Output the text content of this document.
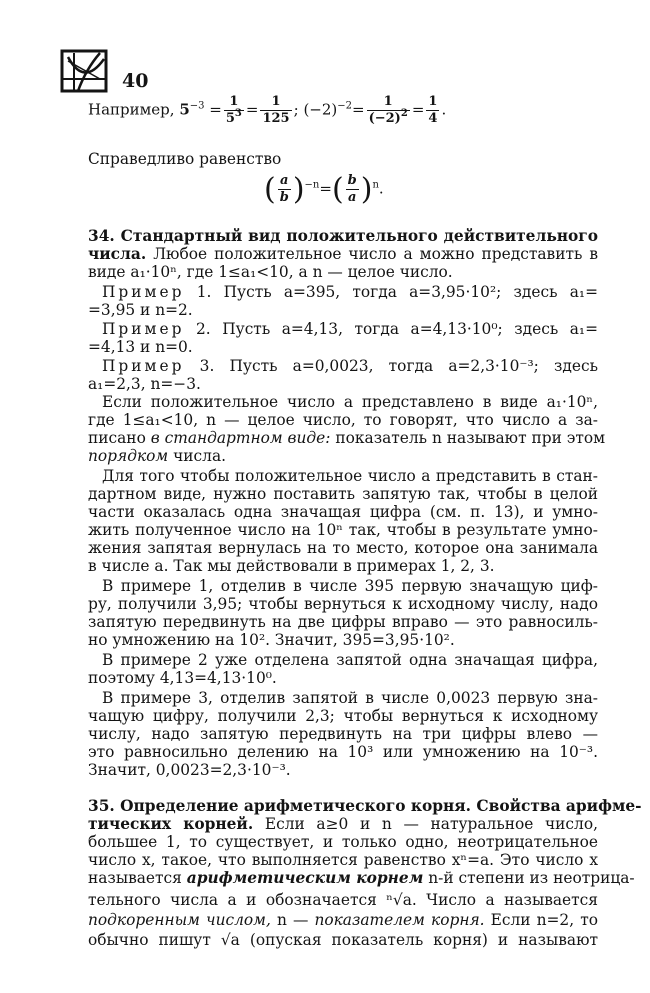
40
Например, $5^{-3} = \frac{1}{5^3} = \frac{1}{125}$ ; $(-2)^{-2}= \frac{1}{(-2)^2} = \frac{1}{4}$ .
Справедливо равенство
( $\frac{a}{b} )^{-n}=( \frac{b}{a} )^n$.
34. Стандартный вид положительного действительного
числа. Любое положительное число a можно представить в
виде a₁·10ⁿ, где 1≤a₁<10, а n — целое число.
Пример 1. Пусть a=395, тогда a=3,95·10²; здесь a₁=
=3,95 и n=2.
Пример 2. Пусть a=4,13, тогда a=4,13·10⁰; здесь a₁=
=4,13 и n=0.
Пример 3. Пусть a=0,0023, тогда a=2,3·10⁻³; здесь
a₁=2,3, n=−3.
Если положительное число a представлено в виде a₁·10ⁿ,
где 1≤a₁<10, n — целое число, то говорят, что число a за-
писано в стандартном виде: показатель n называют при этом
порядком числа.
Для того чтобы положительное число a представить в стан-
дартном виде, нужно поставить запятую так, чтобы в целой
части оказалась одна значащая цифра (см. п. 13), и умно-
жить полученное число на 10ⁿ так, чтобы в результате умно-
жения запятая вернулась на то место, которое она занимала
в числе a. Так мы действовали в примерах 1, 2, 3.
В примере 1, отделив в числе 395 первую значащую циф-
ру, получили 3,95; чтобы вернуться к исходному числу, надо
запятую передвинуть на две цифры вправо — это равносиль-
но умножению на 10². Значит, 395=3,95·10².
В примере 2 уже отделена запятой одна значащая цифра,
поэтому 4,13=4,13·10⁰.
В примере 3, отделив запятой в числе 0,0023 первую зна-
чащую цифру, получили 2,3; чтобы вернуться к исходному
числу, надо запятую передвинуть на три цифры влево —
это равносильно делению на 10³ или умножению на 10⁻³.
Значит, 0,0023=2,3·10⁻³.
35. Определение арифметического корня. Свойства арифме-
тических корней. Если a≥0 и n — натуральное число,
большее 1, то существует, и только одно, неотрицательное
число x, такое, что выполняется равенство xⁿ=a. Это число x
называется арифметическим корнем n-й степени из неотрица-
тельного числа a и обозначается ⁿ√a. Число a называется
подкоренным числом, n — показателем корня. Если n=2, то
обычно пишут √a (опуская показатель корня) и называют
